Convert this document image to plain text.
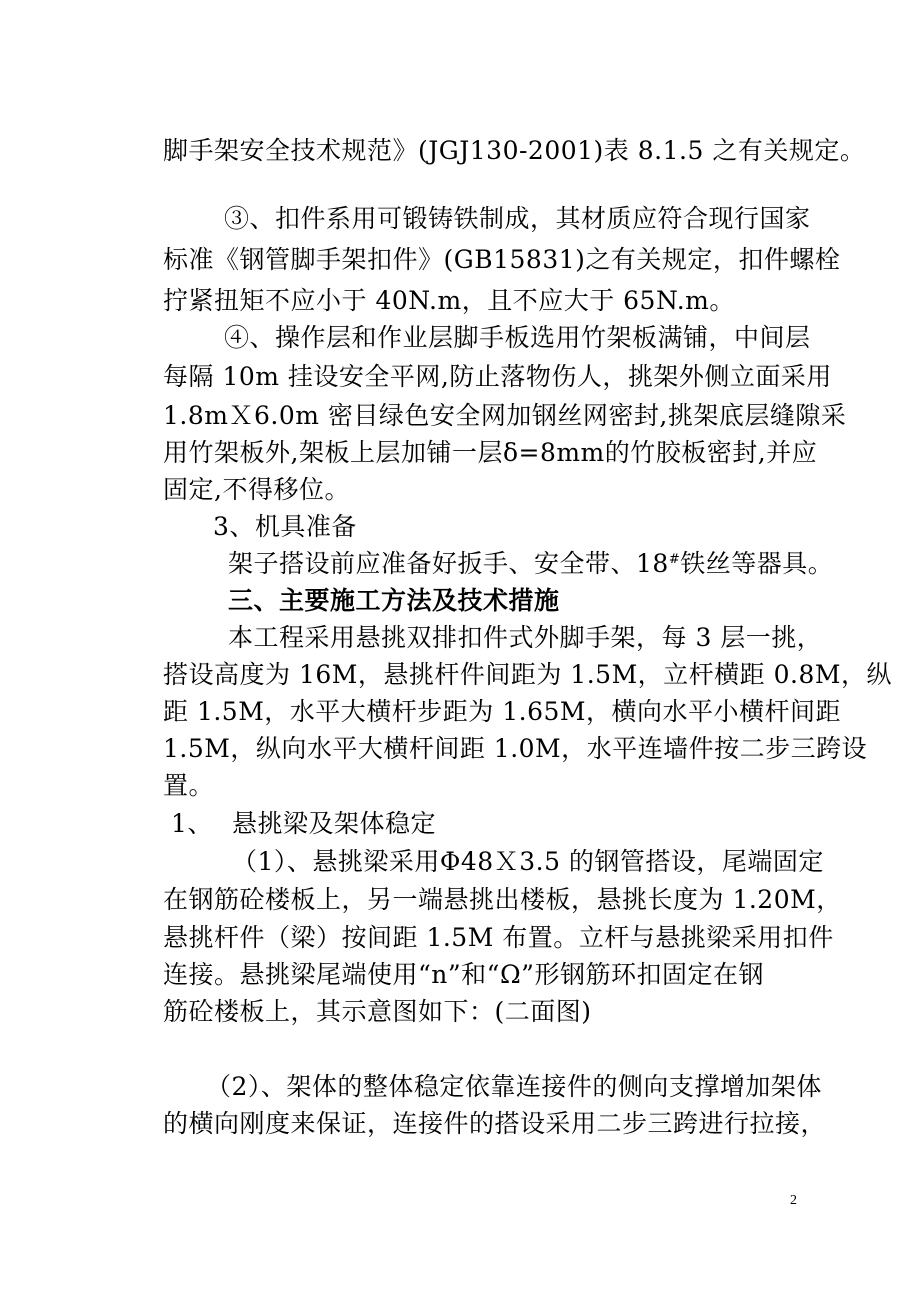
脚手架安全技术规范》(JGJ130-2001)表 8.1.5 之有关规定。
③、扣件系用可锻铸铁制成，其材质应符合现行国家
标准《钢管脚手架扣件》(GB15831)之有关规定，扣件螺栓
拧紧扭矩不应小于 40N.m，且不应大于 65N.m。
④、操作层和作业层脚手板选用竹架板满铺，中间层
每隔 10m 挂设安全平网,防止落物伤人，挑架外侧立面采用
1.8mＸ6.0m 密目绿色安全网加钢丝网密封,挑架底层缝隙采
用竹架板外,架板上层加铺一层δ=8mm的竹胶板密封,并应
固定,不得移位。
3、机具准备
架子搭设前应准备好扳手、安全带、18#铁丝等器具。
三、主要施工方法及技术措施
本工程采用悬挑双排扣件式外脚手架，每 3 层一挑，
搭设高度为 16M，悬挑杆件间距为 1.5M，立杆横距 0.8M，纵
距 1.5M，水平大横杆步距为 1.65M，横向水平小横杆间距
1.5M，纵向水平大横杆间距 1.0M，水平连墙件按二步三跨设
置。
1、 悬挑梁及架体稳定
（1）、悬挑梁采用Φ48Ｘ3.5 的钢管搭设，尾端固定
在钢筋砼楼板上，另一端悬挑出楼板，悬挑长度为 1.20M，
悬挑杆件（梁）按间距 1.5M 布置。立杆与悬挑梁采用扣件
连接。悬挑梁尾端使用“n”和“Ω”形钢筋环扣固定在钢
筋砼楼板上，其示意图如下：(二面图)
（2）、架体的整体稳定依靠连接件的侧向支撑增加架体
的横向刚度来保证，连接件的搭设采用二步三跨进行拉接，
2
